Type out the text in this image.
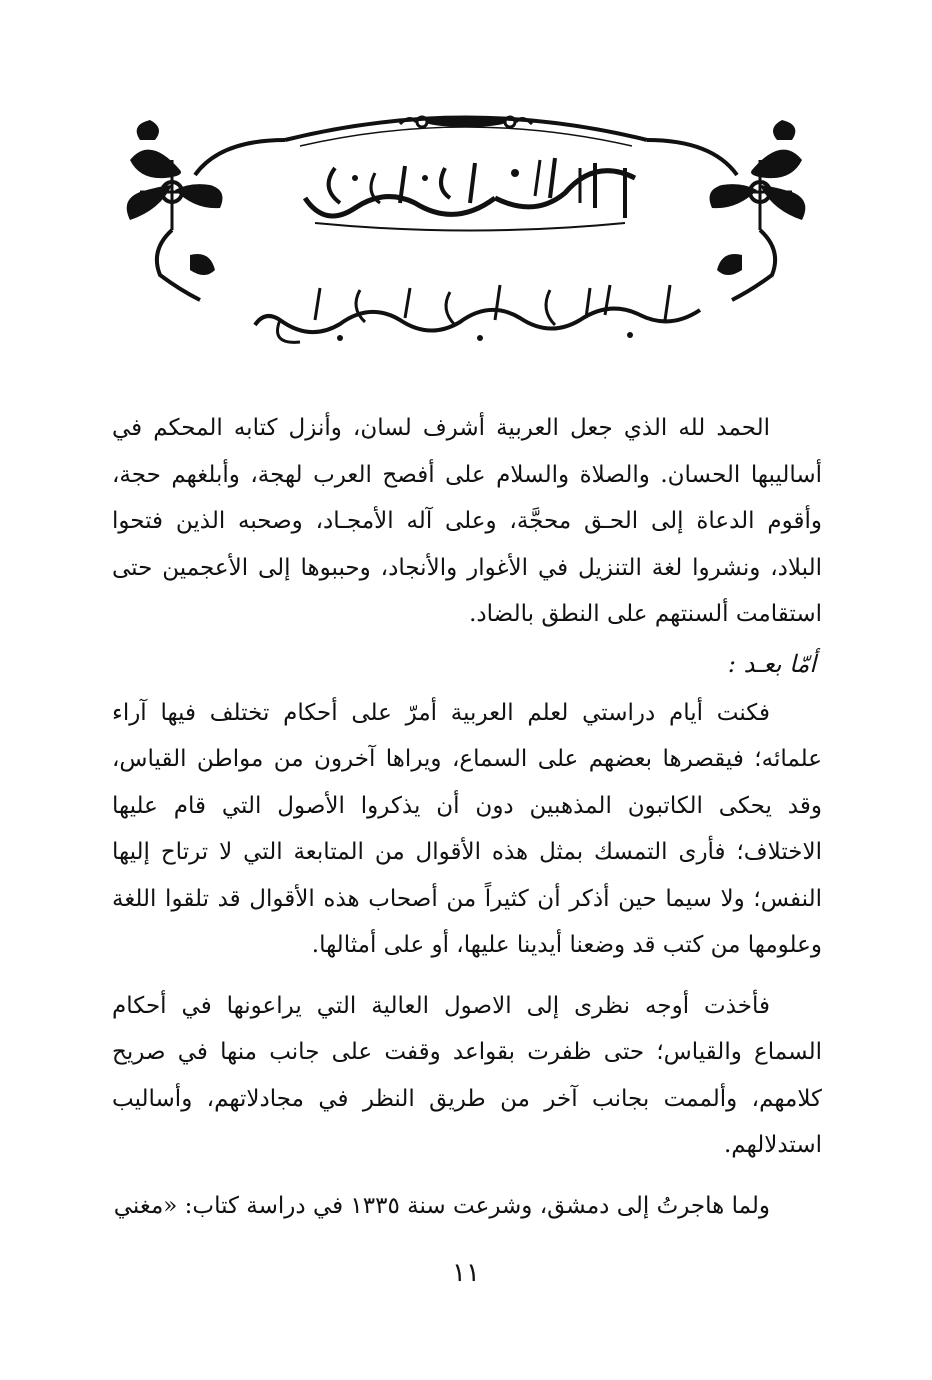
الحمد لله الذي جعل العربية أشرف لسان، وأنزل كتابه المحكم في أساليبها الحسان. والصلاة والسلام على أفصح العرب لهجة، وأبلغهم حجة، وأقوم الدعاة إلى الحـق محجَّة، وعلى آله الأمجـاد، وصحبه الذين فتحوا البلاد، ونشروا لغة التنزيل في الأغوار والأنجاد، وحببوها إلى الأعجمين حتى استقامت ألسنتهم على النطق بالضاد.

أمّا بعـد :

فكنت أيام دراستي لعلم العربية أمرّ على أحكام تختلف فيها آراء علمائه؛ فيقصرها بعضهم على السماع، ويراها آخرون من مواطن القياس، وقد يحكى الكاتبون المذهبين دون أن يذكروا الأصول التي قام عليها الاختلاف؛ فأرى التمسك بمثل هذه الأقوال من المتابعة التي لا ترتاح إليها النفس؛ ولا سيما حين أذكر أن كثيراً من أصحاب هذه الأقوال قد تلقوا اللغة وعلومها من كتب قد وضعنا أيدينا عليها، أو على أمثالها.

فأخذت أوجه نظرى إلى الاصول العالية التي يراعونها في أحكام السماع والقياس؛ حتى ظفرت بقواعد وقفت على جانب منها في صريح كلامهم، وألممت بجانب آخر من طريق النظر في مجادلاتهم، وأساليب استدلالهم.

ولما هاجرتُ إلى دمشق، وشرعت سنة ١٣٣٥ في دراسة كتاب: «مغني

١١
